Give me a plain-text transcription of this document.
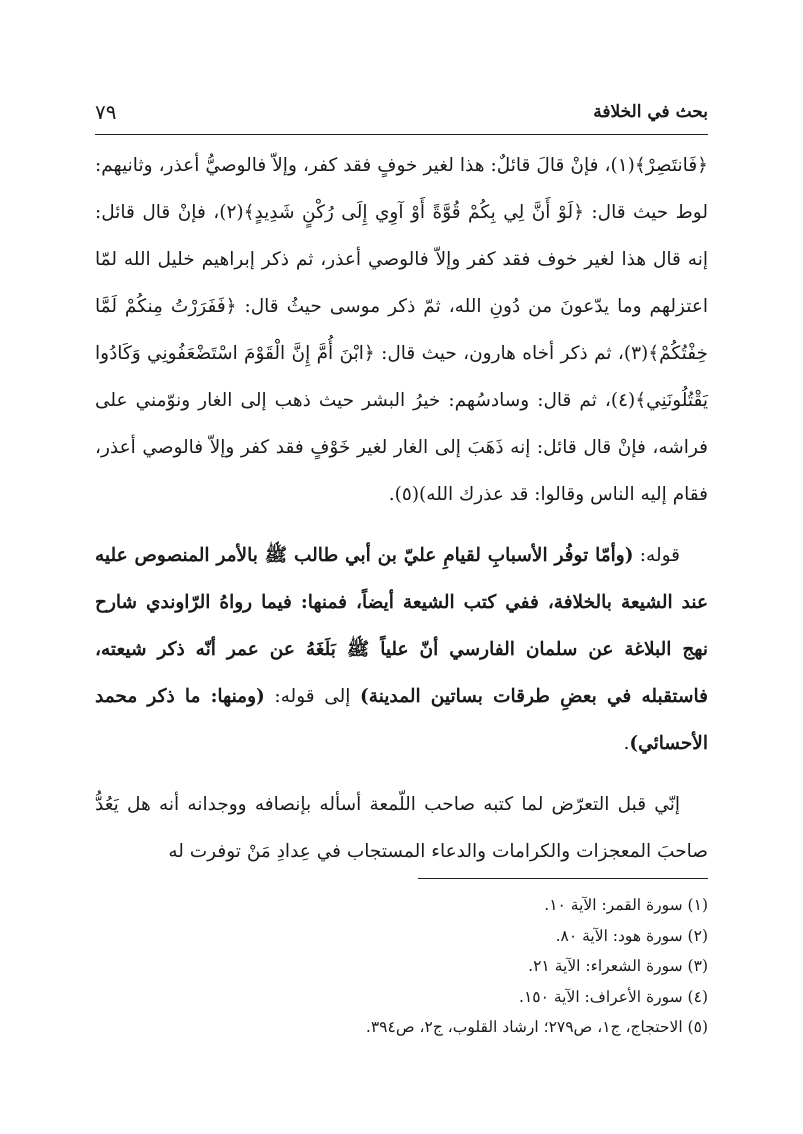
٧٩	بحث في الخلافة

﴿فَانتَصِرْ﴾(١)، فإنْ قالَ قائلٌ: هذا لغير خوفٍ فقد كفر، وإلاّ فالوصيُّ أعذر، وثانيهم: لوط حيث قال: ﴿لَوْ أَنَّ لِي بِكُمْ قُوَّةً أَوْ آوِي إِلَى رُكْنٍ شَدِيدٍ﴾(٢)، فإنْ قال قائل: إنه قال هذا لغير خوف فقد كفر وإلاّ فالوصي أعذر، ثم ذكر إبراهيم خليل الله لمّا اعتزلهم وما يدّعونَ من دُونِ الله، ثمّ ذكر موسى حيثُ قال: ﴿فَفَرَرْتُ مِنكُمْ لَمَّا خِفْتُكُمْ﴾(٣)، ثم ذكر أخاه هارون، حيث قال: ﴿ابْنَ أُمَّ إِنَّ الْقَوْمَ اسْتَضْعَفُونِي وَكَادُوا يَقْتُلُونَنِي﴾(٤)، ثم قال: وسادسُهم: خيرُ البشر حيث ذهب إلى الغار ونوّمني على فراشه، فإنْ قال قائل: إنه ذَهَبَ إلى الغار لغير خَوْفٍ فقد كفر وإلاّ فالوصي أعذر، فقام إليه الناس وقالوا: قد عذرك الله)(٥).

قوله: (وأمّا توفُر الأسبابِ لقيامِ عليّ بن أبي طالب ﷺ بالأمر المنصوص عليه عند الشيعة بالخلافة، ففي كتب الشيعة أيضاً، فمنها: فيما رواهُ الرّاوندي شارح نهج البلاغة عن سلمان الفارسي أنّ علياً ﷺ بَلَغَهُ عن عمر أنّه ذكر شيعته، فاستقبله في بعضِ طرقات بساتين المدينة) إلى قوله: (ومنها: ما ذكر محمد الأحسائي).

إنّي قبل التعرّض لما كتبه صاحب اللّمعة أسأله بإنصافه ووجدانه أنه هل يَعُدُّ صاحبَ المعجزات والكرامات والدعاء المستجاب في عِدادِ مَنْ توفرت له

(١) سورة القمر: الآية ١٠.
(٢) سورة هود: الآية ٨٠.
(٣) سورة الشعراء: الآية ٢١.
(٤) سورة الأعراف: الآية ١٥٠.
(٥) الاحتجاج، ج١، ص٢٧٩؛ ارشاد القلوب، ج٢، ص٣٩٤.
